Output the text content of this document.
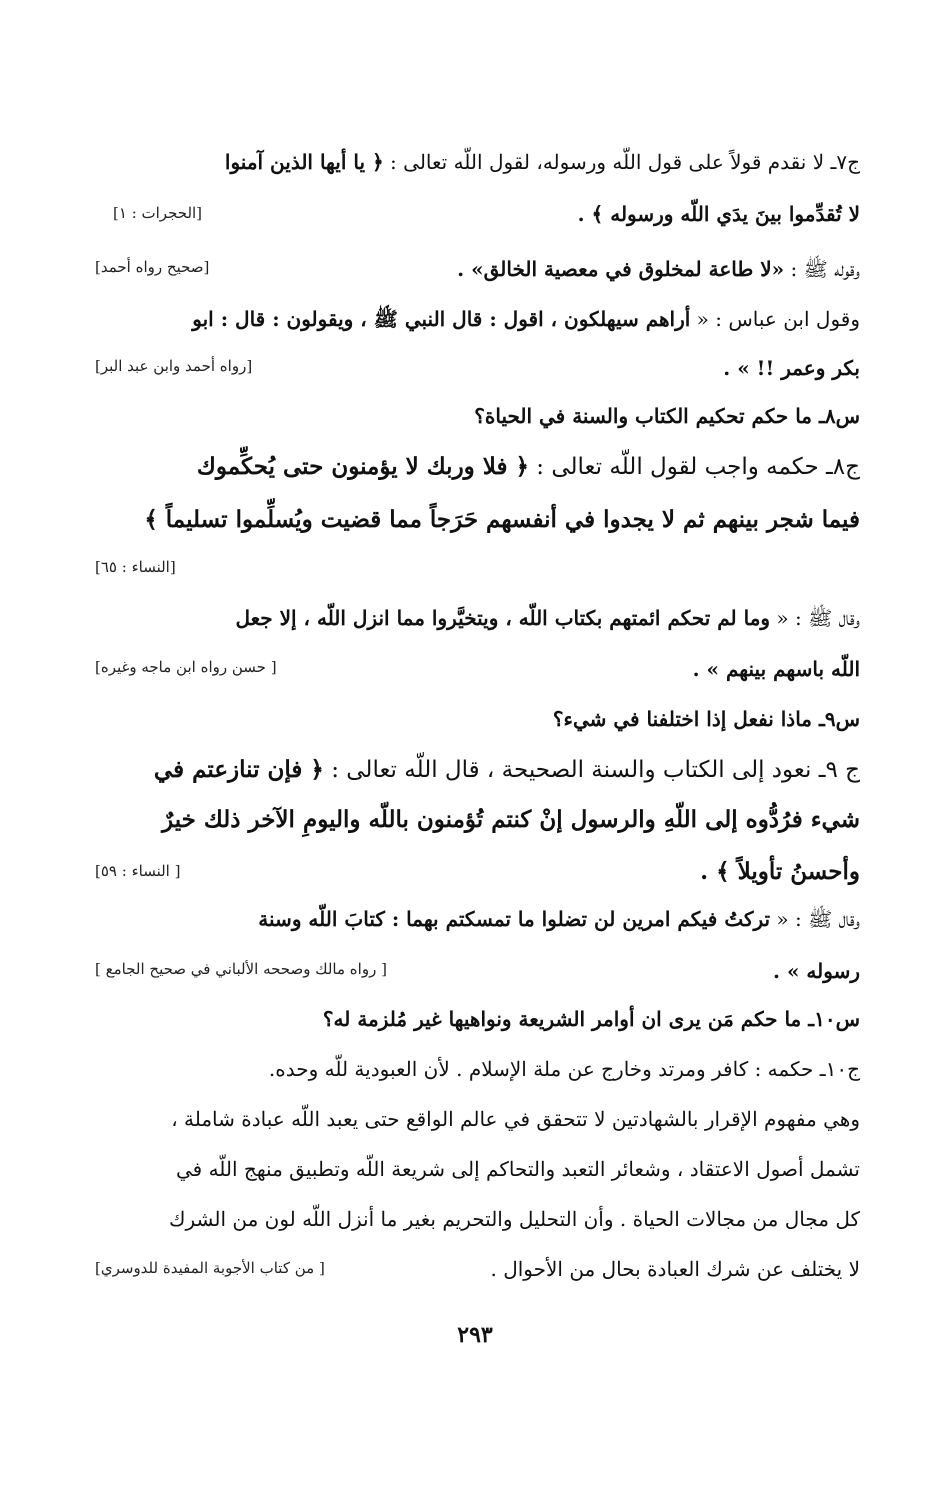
ج٧ـ لا نقدم قولاً على قول اللّه ورسوله، لقول اللّه تعالى : ﴿ يا أيها الذين آمنوا
لا تُقدِّموا بينَ يدَي اللّه ورسوله ﴾ .
[الحجرات : ١]
وقوله ﷺ : «لا طاعة لمخلوق في معصية الخالق» .
[صحيح رواه أحمد]
وقول ابن عباس : « أراهم سيهلكون ، اقول : قال النبي ﷺ ، ويقولون : قال : ابو
بكر وعمر !! » .
[رواه أحمد وابن عبد البر]
س٨ـ ما حكم تحكيم الكتاب والسنة في الحياة؟
ج٨ـ حكمه واجب لقول اللّه تعالى : ﴿ فلا وربك لا يؤمنون حتى يُحكِّموك
فيما شجر بينهم ثم لا يجدوا في أنفسهم حَرَجاً مما قضيت ويُسلِّموا تسليماً ﴾
[النساء : ٦٥]
وقال ﷺ : « وما لم تحكم ائمتهم بكتاب اللّه ، ويتخيَّروا مما انزل اللّه ، إلا جعل
اللّه باسهم بينهم » .
[ حسن رواه ابن ماجه وغيره]
س٩ـ ماذا نفعل إذا اختلفنا في شيء؟
ج ٩ـ نعود إلى الكتاب والسنة الصحيحة ، قال اللّه تعالى : ﴿ فإن تنازعتم في
شيء فرُدُّوه إلى اللّهِ والرسول إنْ كنتم تُؤمنون باللّه واليومِ الآخر ذلك خيرٌ
وأحسنُ تأويلاً ﴾ .
[ النساء : ٥٩]
وقال ﷺ : « تركتُ فيكم امرين لن تضلوا ما تمسكتم بهما : كتابَ اللّه وسنة
رسوله » .
[ رواه مالك وصححه الألباني في صحيح الجامع ]
س١٠ـ ما حكم مَن يرى ان أوامر الشريعة ونواهيها غير مُلزمة له؟
ج١٠ـ حكمه : كافر ومرتد وخارج عن ملة الإسلام . لأن العبودية للّه وحده.
وهي مفهوم الإقرار بالشهادتين لا تتحقق في عالم الواقع حتى يعبد اللّه عبادة شاملة ،
تشمل أصول الاعتقاد ، وشعائر التعبد والتحاكم إلى شريعة اللّه وتطبيق منهج اللّه في
كل مجال من مجالات الحياة . وأن التحليل والتحريم بغير ما أنزل اللّه لون من الشرك
لا يختلف عن شرك العبادة بحال من الأحوال .
[ من كتاب الأجوبة المفيدة للدوسري]
٢٩٣
